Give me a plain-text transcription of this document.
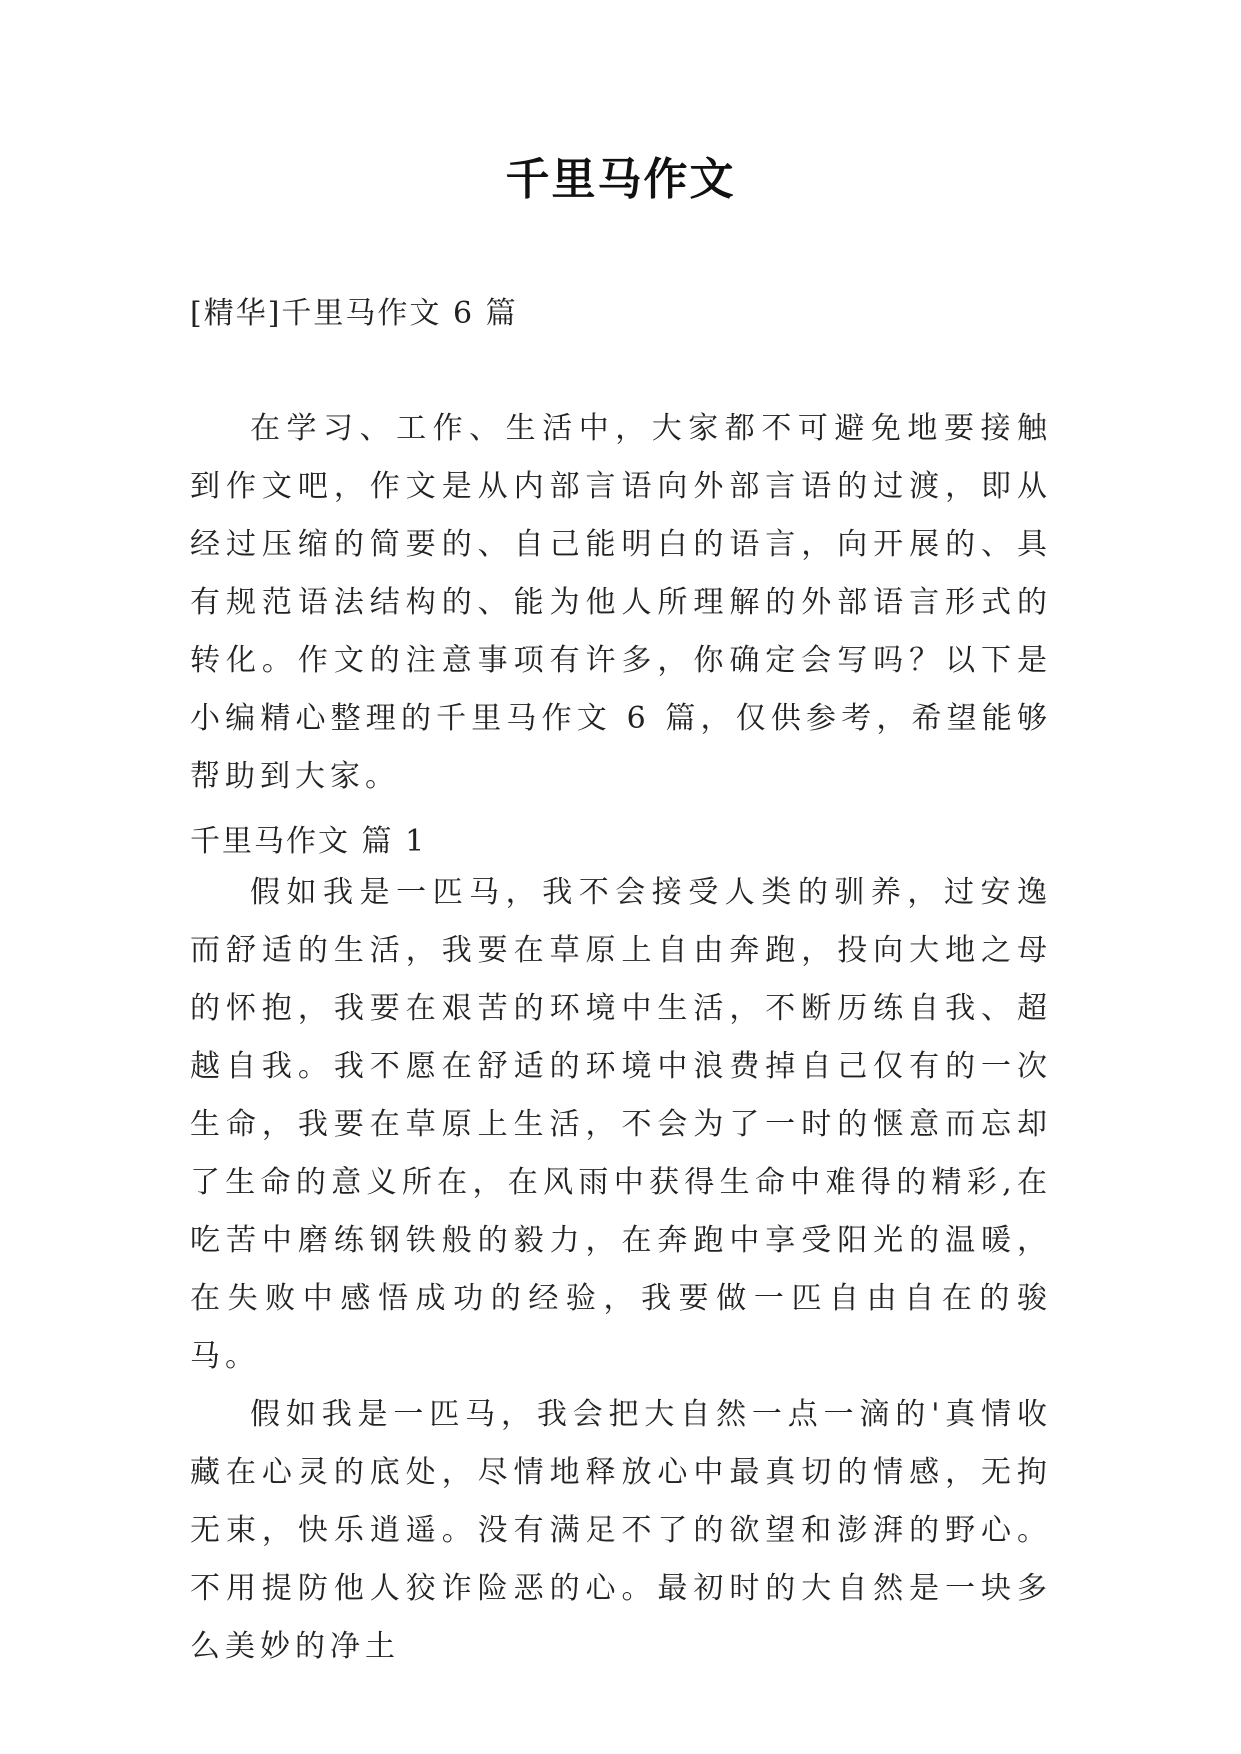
千里马作文
[精华]千里马作文 6 篇

在学习、工作、生活中，大家都不可避免地要接触到作文吧，作文是从内部言语向外部言语的过渡，即从经过压缩的简要的、自己能明白的语言，向开展的、具有规范语法结构的、能为他人所理解的外部语言形式的转化。作文的注意事项有许多，你确定会写吗？以下是小编精心整理的千里马作文 6 篇，仅供参考，希望能够帮助到大家。

千里马作文 篇 1

假如我是一匹马，我不会接受人类的驯养，过安逸而舒适的生活，我要在草原上自由奔跑，投向大地之母的怀抱，我要在艰苦的环境中生活，不断历练自我、超越自我。我不愿在舒适的环境中浪费掉自己仅有的一次生命，我要在草原上生活，不会为了一时的惬意而忘却了生命的意义所在，在风雨中获得生命中难得的精彩,在吃苦中磨练钢铁般的毅力，在奔跑中享受阳光的温暖，在失败中感悟成功的经验，我要做一匹自由自在的骏马。

假如我是一匹马，我会把大自然一点一滴的'真情收藏在心灵的底处，尽情地释放心中最真切的情感，无拘无束，快乐逍遥。没有满足不了的欲望和澎湃的野心。不用提防他人狡诈险恶的心。最初时的大自然是一块多么美妙的净土
